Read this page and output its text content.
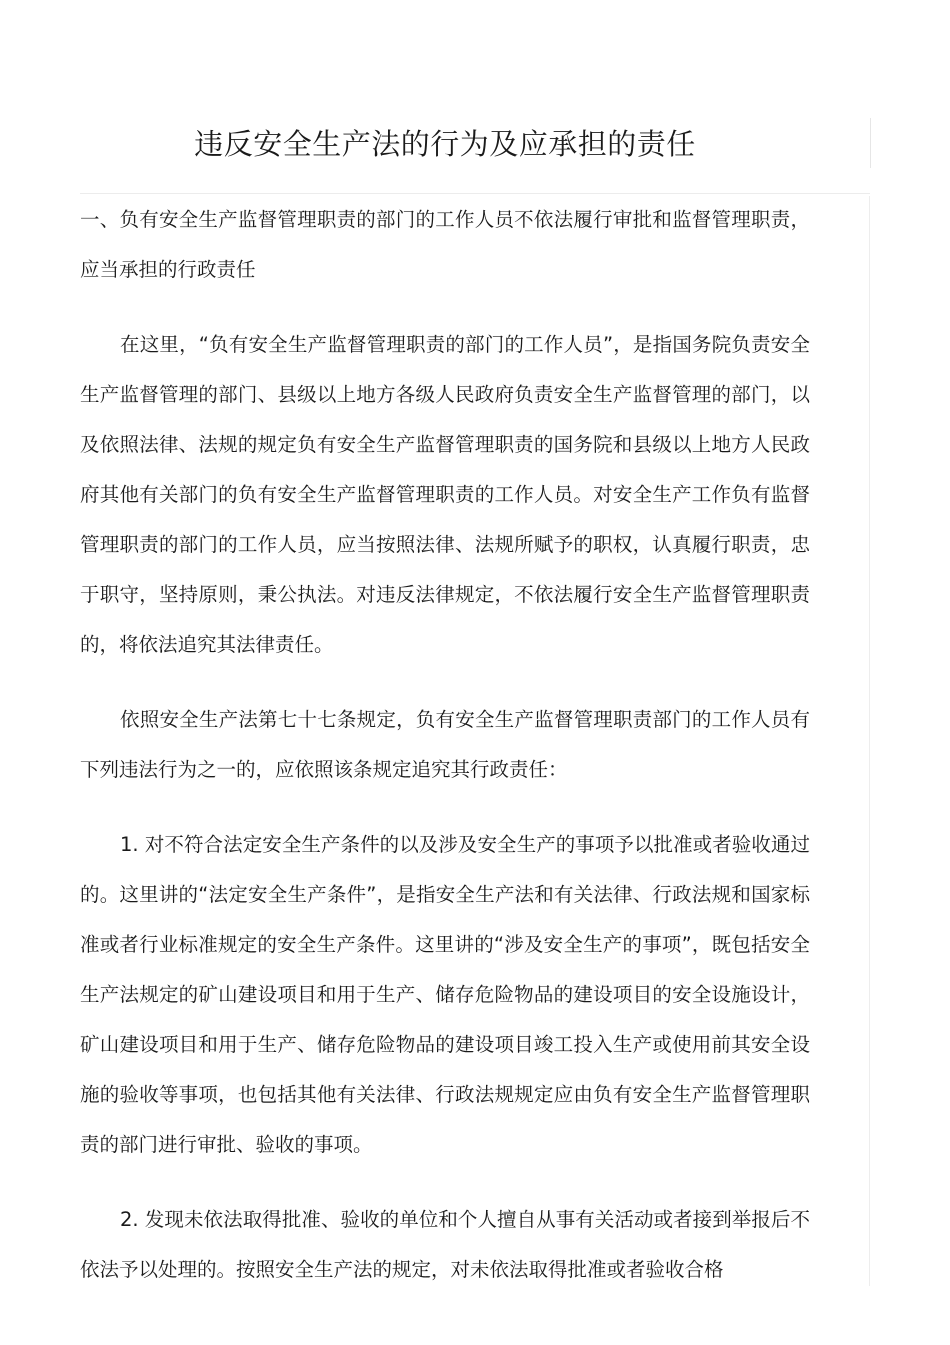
违反安全生产法的行为及应承担的责任

一、负有安全生产监督管理职责的部门的工作人员不依法履行审批和监督管理职责，应当承担的行政责任

在这里，“负有安全生产监督管理职责的部门的工作人员”，是指国务院负责安全生产监督管理的部门、县级以上地方各级人民政府负责安全生产监督管理的部门，以及依照法律、法规的规定负有安全生产监督管理职责的国务院和县级以上地方人民政府其他有关部门的负有安全生产监督管理职责的工作人员。对安全生产工作负有监督管理职责的部门的工作人员，应当按照法律、法规所赋予的职权，认真履行职责，忠于职守，坚持原则，秉公执法。对违反法律规定，不依法履行安全生产监督管理职责的，将依法追究其法律责任。

依照安全生产法第七十七条规定，负有安全生产监督管理职责部门的工作人员有下列违法行为之一的，应依照该条规定追究其行政责任：

1. 对不符合法定安全生产条件的以及涉及安全生产的事项予以批准或者验收通过的。这里讲的“法定安全生产条件”，是指安全生产法和有关法律、行政法规和国家标准或者行业标准规定的安全生产条件。这里讲的“涉及安全生产的事项”，既包括安全生产法规定的矿山建设项目和用于生产、储存危险物品的建设项目的安全设施设计，矿山建设项目和用于生产、储存危险物品的建设项目竣工投入生产或使用前其安全设施的验收等事项，也包括其他有关法律、行政法规规定应由负有安全生产监督管理职责的部门进行审批、验收的事项。

2. 发现未依法取得批准、验收的单位和个人擅自从事有关活动或者接到举报后不依法予以处理的。按照安全生产法的规定，对未依法取得批准或者验收合格
